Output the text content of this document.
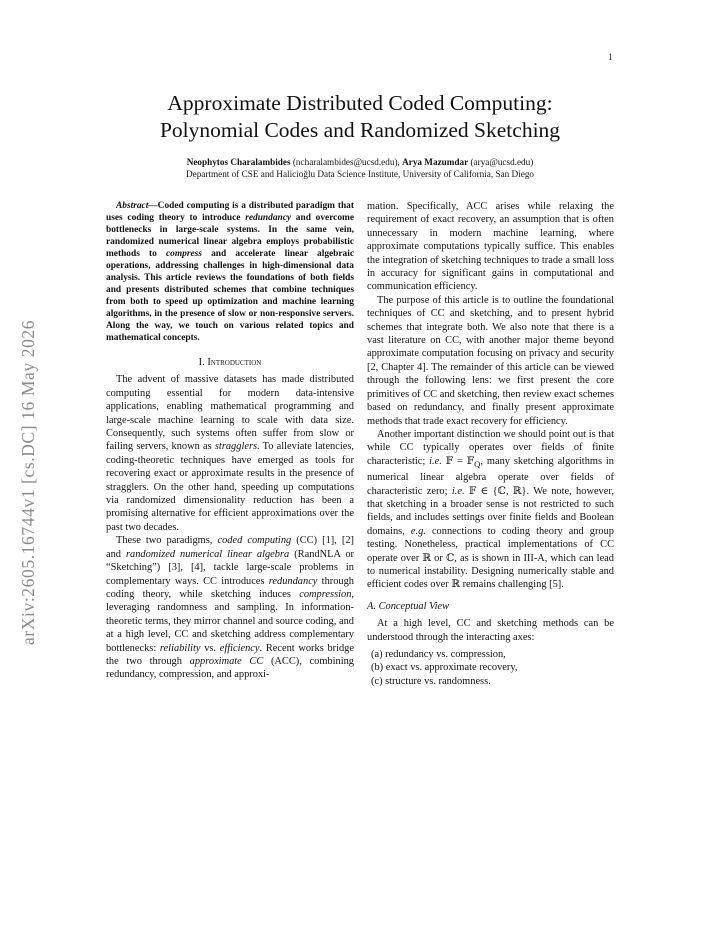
1
arXiv:2605.16744v1 [cs.DC] 16 May 2026
Approximate Distributed Coded Computing:
Polynomial Codes and Randomized Sketching
Neophytos Charalambides (ncharalambides@ucsd.edu), Arya Mazumdar (arya@ucsd.edu)
Department of CSE and Halicioğlu Data Science Institute, University of California, San Diego

Abstract—Coded computing is a distributed paradigm that uses coding theory to introduce redundancy and overcome bottlenecks in large-scale systems. In the same vein, randomized numerical linear algebra employs probabilistic methods to compress and accelerate linear algebraic operations, addressing challenges in high-dimensional data analysis. This article reviews the foundations of both fields and presents distributed schemes that combine techniques from both to speed up optimization and machine learning algorithms, in the presence of slow or non-responsive servers. Along the way, we touch on various related topics and mathematical concepts.

I. Introduction

The advent of massive datasets has made distributed computing essential for modern data-intensive applications, enabling mathematical programming and large-scale machine learning to scale with data size. Consequently, such systems often suffer from slow or failing servers, known as stragglers. To alleviate latencies, coding-theoretic techniques have emerged as tools for recovering exact or approximate results in the presence of stragglers. On the other hand, speeding up computations via randomized dimensionality reduction has been a promising alternative for efficient approximations over the past two decades.

These two paradigms, coded computing (CC) [1], [2] and randomized numerical linear algebra (RandNLA or “Sketching”) [3], [4], tackle large-scale problems in complementary ways. CC introduces redundancy through coding theory, while sketching induces compression, leveraging randomness and sampling. In information-theoretic terms, they mirror channel and source coding, and at a high level, CC and sketching address complementary bottlenecks: reliability vs. efficiency. Recent works bridge the two through approximate CC (ACC), combining redundancy, compression, and approxi-

mation. Specifically, ACC arises while relaxing the requirement of exact recovery, an assumption that is often unnecessary in modern machine learning, where approximate computations typically suffice. This enables the integration of sketching techniques to trade a small loss in accuracy for significant gains in computational and communication efficiency.

The purpose of this article is to outline the foundational techniques of CC and sketching, and to present hybrid schemes that integrate both. We also note that there is a vast literature on CC, with another major theme beyond approximate computation focusing on privacy and security [2, Chapter 4]. The remainder of this article can be viewed through the following lens: we first present the core primitives of CC and sketching, then review exact schemes based on redundancy, and finally present approximate methods that trade exact recovery for efficiency.

Another important distinction we should point out is that while CC typically operates over fields of finite characteristic; i.e. 𝔽 = 𝔽$_Q$, many sketching algorithms in numerical linear algebra operate over fields of characteristic zero; i.e. 𝔽 ∈ {ℂ, ℝ}. We note, however, that sketching in a broader sense is not restricted to such fields, and includes settings over finite fields and Boolean domains, e.g. connections to coding theory and group testing. Nonetheless, practical implementations of CC operate over ℝ or ℂ, as is shown in III-A, which can lead to numerical instability. Designing numerically stable and efficient codes over ℝ remains challenging [5].

A. Conceptual View

At a high level, CC and sketching methods can be understood through the interacting axes:

(a) redundancy vs. compression,
(b) exact vs. approximate recovery,
(c) structure vs. randomness.
